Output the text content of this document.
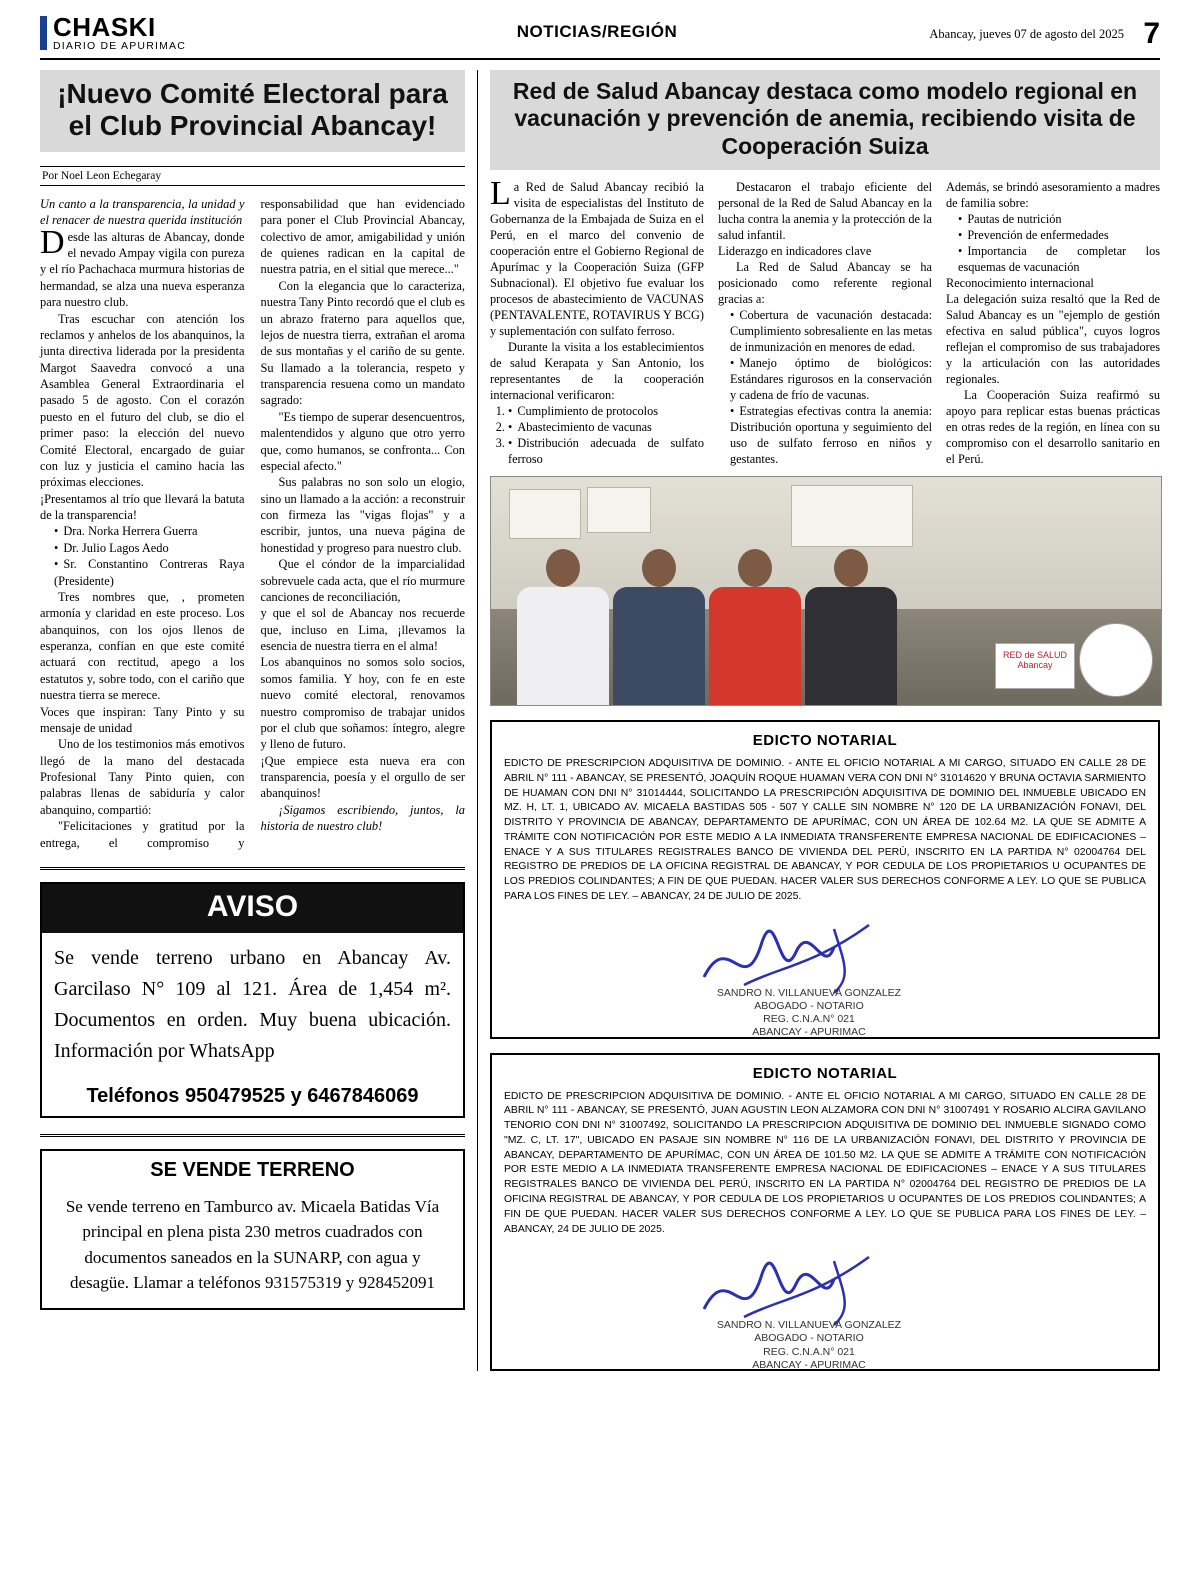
CHASKI
DIARIO DE APURIMAC
NOTICIAS/REGIÓN	Abancay, jueves 07 de agosto del 2025 7
¡Nuevo Comité Electoral para el Club Provincial Abancay!
Por Noel Leon Echegaray

Un canto a la transparencia, la unidad y el renacer de nuestra querida institución

Desde las alturas de Abancay, donde el nevado Ampay vigila con pureza y el río Pachachaca murmura historias de hermandad, se alza una nueva esperanza para nuestro club.

Tras escuchar con atención los reclamos y anhelos de los abanquinos, la junta directiva liderada por la presidenta Margot Saavedra convocó a una Asamblea General Extraordinaria el pasado 5 de agosto. Con el corazón puesto en el futuro del club, se dio el primer paso: la elección del nuevo Comité Electoral, encargado de guiar con luz y justicia el camino hacia las próximas elecciones.

¡Presentamos al trío que llevará la batuta de la transparencia!

• Dra. Norka Herrera Guerra
• Dr. Julio Lagos Aedo
• Sr. Constantino Contreras Raya (Presidente)

Tres nombres que, , prometen armonía y claridad en este proceso. Los abanquinos, con los ojos llenos de esperanza, confían en que este comité actuará con rectitud, apego a los estatutos y, sobre todo, con el cariño que nuestra tierra se merece.

Voces que inspiran: Tany Pinto y su mensaje de unidad

Uno de los testimonios más emotivos llegó de la mano del destacada Profesional Tany Pinto quien, con palabras llenas de sabiduría y calor abanquino, compartió:

"Felicitaciones y gratitud por la entrega, el compromiso y responsabilidad que han evidenciado para poner el Club Provincial Abancay, colectivo de amor, amigabilidad y unión de quienes radican en la capital de nuestra patria, en el sitial que merece..."

Con la elegancia que lo caracteriza, nuestra Tany Pinto recordó que el club es un abrazo fraterno para aquellos que, lejos de nuestra tierra, extrañan el aroma de sus montañas y el cariño de su gente. Su llamado a la tolerancia, respeto y transparencia resuena como un mandato sagrado:

"Es tiempo de superar desencuentros, malentendidos y alguno que otro yerro que, como humanos, se confronta... Con especial afecto."

Sus palabras no son solo un elogio, sino un llamado a la acción: a reconstruir con firmeza las "vigas flojas" y a escribir, juntos, una nueva página de honestidad y progreso para nuestro club.

Que el cóndor de la imparcialidad sobrevuele cada acta, que el río murmure canciones de reconciliación,

y que el sol de Abancay nos recuerde que, incluso en Lima, ¡llevamos la esencia de nuestra tierra en el alma!

Los abanquinos no somos solo socios, somos familia. Y hoy, con fe en este nuevo comité electoral, renovamos nuestro compromiso de trabajar unidos por el club que soñamos: íntegro, alegre y lleno de futuro.

¡Que empiece esta nueva era con transparencia, poesía y el orgullo de ser abanquinos!

¡Sigamos escribiendo, juntos, la historia de nuestro club!

AVISO
Se vende terreno urbano en Abancay Av. Garcilaso N° 109 al 121. Área de 1,454 m². Documentos en orden. Muy buena ubicación. Información por WhatsApp
Teléfonos 950479525 y 6467846069
SE VENDE TERRENO
Se vende terreno en Tamburco av. Micaela Batidas Vía principal en plena pista 230 metros cuadrados con documentos saneados en la SUNARP, con agua y desagüe. Llamar a teléfonos 931575319 y 928452091
Red de Salud Abancay destaca como modelo regional en vacunación y prevención de anemia, recibiendo visita de Cooperación Suiza

La Red de Salud Abancay recibió la visita de especialistas del Instituto de Gobernanza de la Embajada de Suiza en el Perú, en el marco del convenio de cooperación entre el Gobierno Regional de Apurímac y la Cooperación Suiza (GFP Subnacional). El objetivo fue evaluar los procesos de abastecimiento de VACUNAS (PENTAVALENTE, ROTAVIRUS Y BCG) y suplementación con sulfato ferroso.

Durante la visita a los establecimientos de salud Kerapata y San Antonio, los representantes de la cooperación internacional verificaron:

• 1. Cumplimiento de protocolos
• 2. Abastecimiento de vacunas
• 3. Distribución adecuada de sulfato ferroso

Destacaron el trabajo eficiente del personal de la Red de Salud Abancay en la lucha contra la anemia y la protección de la salud infantil.

Liderazgo en indicadores clave

La Red de Salud Abancay se ha posicionado como referente regional gracias a:

• Cobertura de vacunación destacada: Cumplimiento sobresaliente en las metas de inmunización en menores de edad.
• Manejo óptimo de biológicos: Estándares rigurosos en la conservación y cadena de frío de vacunas.
• Estrategias efectivas contra la anemia: Distribución oportuna y seguimiento del uso de sulfato ferroso en niños y gestantes.

Además, se brindó asesoramiento a madres de familia sobre:

• Pautas de nutrición
• Prevención de enfermedades
• Importancia de completar los esquemas de vacunación

Reconocimiento internacional

La delegación suiza resaltó que la Red de Salud Abancay es un "ejemplo de gestión efectiva en salud pública", cuyos logros reflejan el compromiso de sus trabajadores y la articulación con las autoridades regionales.

La Cooperación Suiza reafirmó su apoyo para replicar estas buenas prácticas en otras redes de la región, en línea con su compromiso con el desarrollo sanitario en el Perú.

RED de SALUD Abancay
EDICTO NOTARIAL
EDICTO DE PRESCRIPCION ADQUISITIVA DE DOMINIO. - ANTE EL OFICIO NOTARIAL A MI CARGO, SITUADO EN CALLE 28 DE ABRIL N° 111 - ABANCAY, SE PRESENTÓ, JOAQUÍN ROQUE HUAMAN VERA CON DNI N° 31014620 Y BRUNA OCTAVIA SARMIENTO DE HUAMAN CON DNI N° 31014444, SOLICITANDO LA PRESCRIPCIÓN ADQUISITIVA DE DOMINIO DEL INMUEBLE UBICADO EN MZ. H, LT. 1, UBICADO AV. MICAELA BASTIDAS 505 - 507 Y CALLE SIN NOMBRE N° 120 DE LA URBANIZACIÓN FONAVI, DEL DISTRITO Y PROVINCIA DE ABANCAY, DEPARTAMENTO DE APURÍMAC, CON UN ÁREA DE 102.64 M2. LA QUE SE ADMITE A TRÁMITE CON NOTIFICACIÓN POR ESTE MEDIO A LA INMEDIATA TRANSFERENTE EMPRESA NACIONAL DE EDIFICACIONES – ENACE Y A SUS TITULARES REGISTRALES BANCO DE VIVIENDA DEL PERÚ, INSCRITO EN LA PARTIDA N° 02004764 DEL REGISTRO DE PREDIOS DE LA OFICINA REGISTRAL DE ABANCAY, Y POR CEDULA DE LOS PROPIETARIOS U OCUPANTES DE LOS PREDIOS COLINDANTES; A FIN DE QUE PUEDAN. HACER VALER SUS DERECHOS CONFORME A LEY. LO QUE SE PUBLICA PARA LOS FINES DE LEY. – ABANCAY, 24 DE JULIO DE 2025.
SANDRO N. VILLANUEVA GONZALEZ
ABOGADO - NOTARIO
REG. C.N.A.N° 021
ABANCAY - APURIMAC
EDICTO NOTARIAL
EDICTO DE PRESCRIPCION ADQUISITIVA DE DOMINIO. - ANTE EL OFICIO NOTARIAL A MI CARGO, SITUADO EN CALLE 28 DE ABRIL N° 111 - ABANCAY, SE PRESENTÓ, JUAN AGUSTIN LEON ALZAMORA CON DNI N° 31007491 Y ROSARIO ALCIRA GAVILANO TENORIO CON DNI N° 31007492, SOLICITANDO LA PRESCRIPCION ADQUISITIVA DE DOMINIO DEL INMUEBLE SIGNADO COMO "MZ. C, LT. 17", UBICADO EN PASAJE SIN NOMBRE N° 116 DE LA URBANIZACIÓN FONAVI, DEL DISTRITO Y PROVINCIA DE ABANCAY, DEPARTAMENTO DE APURÍMAC, CON UN ÁREA DE 101.50 M2. LA QUE SE ADMITE A TRÁMITE CON NOTIFICACIÓN POR ESTE MEDIO A LA INMEDIATA TRANSFERENTE EMPRESA NACIONAL DE EDIFICACIONES – ENACE Y A SUS TITULARES REGISTRALES BANCO DE VIVIENDA DEL PERÚ, INSCRITO EN LA PARTIDA N° 02004764 DEL REGISTRO DE PREDIOS DE LA OFICINA REGISTRAL DE ABANCAY, Y POR CEDULA DE LOS PROPIETARIOS U OCUPANTES DE LOS PREDIOS COLINDANTES; A FIN DE QUE PUEDAN. HACER VALER SUS DERECHOS CONFORME A LEY. LO QUE SE PUBLICA PARA LOS FINES DE LEY. – ABANCAY, 24 DE JULIO DE 2025.
SANDRO N. VILLANUEVA GONZALEZ
ABOGADO - NOTARIO
REG. C.N.A.N° 021
ABANCAY - APURIMAC
